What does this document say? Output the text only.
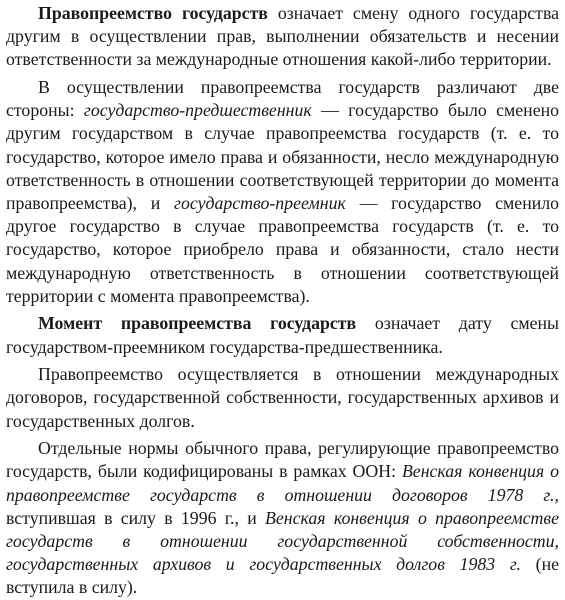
Правопреемство государств означает смену одного государства другим в осуществлении прав, выполнении обязательств и несении ответственности за международные отношения какой-либо территории.

В осуществлении правопреемства государств различают две стороны: государство-предшественник — государство было сменено другим государством в случае правопреемства государств (т. е. то государство, которое имело права и обязанности, несло международную ответственность в отношении соответствующей территории до момента правопреемства), и государство-преемник — государство сменило другое государство в случае правопреемства государств (т. е. то государство, которое приобрело права и обязанности, стало нести международную ответственность в отношении соответствующей территории с момента правопреемства).

Момент правопреемства государств означает дату смены государством-преемником государства-предшественника.

Правопреемство осуществляется в отношении международных договоров, государственной собственности, государственных архивов и государственных долгов.

Отдельные нормы обычного права, регулирующие правопреемство государств, были кодифицированы в рамках ООН: Венская конвенция о правопреемстве государств в отношении договоров 1978 г., вступившая в силу в 1996 г., и Венская конвенция о правопреемстве государств в отношении государственной собственности, государственных архивов и государственных долгов 1983 г. (не вступила в силу).
